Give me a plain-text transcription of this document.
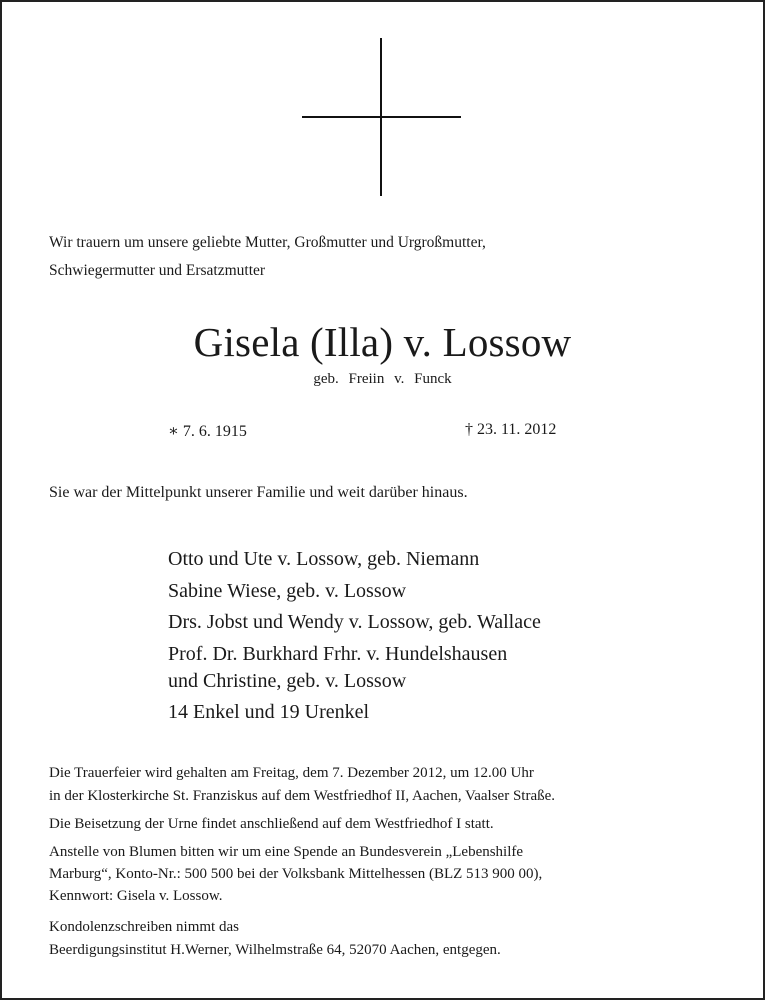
Wir trauern um unsere geliebte Mutter, Großmutter und Urgroßmutter,
Schwiegermutter und Ersatzmutter
Gisela (Illa) v. Lossow
geb. Freiin v. Funck
∗ 7. 6. 1915	† 23. 11. 2012
Sie war der Mittelpunkt unserer Familie und weit darüber hinaus.
Otto und Ute v. Lossow, geb. Niemann
Sabine Wiese, geb. v. Lossow
Drs. Jobst und Wendy v. Lossow, geb. Wallace
Prof. Dr. Burkhard Frhr. v. Hundelshausen
und Christine, geb. v. Lossow
14 Enkel und 19 Urenkel
Die Trauerfeier wird gehalten am Freitag, dem 7. Dezember 2012, um 12.00 Uhr
in der Klosterkirche St. Franziskus auf dem Westfriedhof II, Aachen, Vaalser Straße.
Die Beisetzung der Urne findet anschließend auf dem Westfriedhof I statt.
Anstelle von Blumen bitten wir um eine Spende an Bundesverein „Lebenshilfe
Marburg“, Konto-Nr.: 500 500 bei der Volksbank Mittelhessen (BLZ 513 900 00),
Kennwort: Gisela v. Lossow.
Kondolenzschreiben nimmt das
Beerdigungsinstitut H.Werner, Wilhelmstraße 64, 52070 Aachen, entgegen.
